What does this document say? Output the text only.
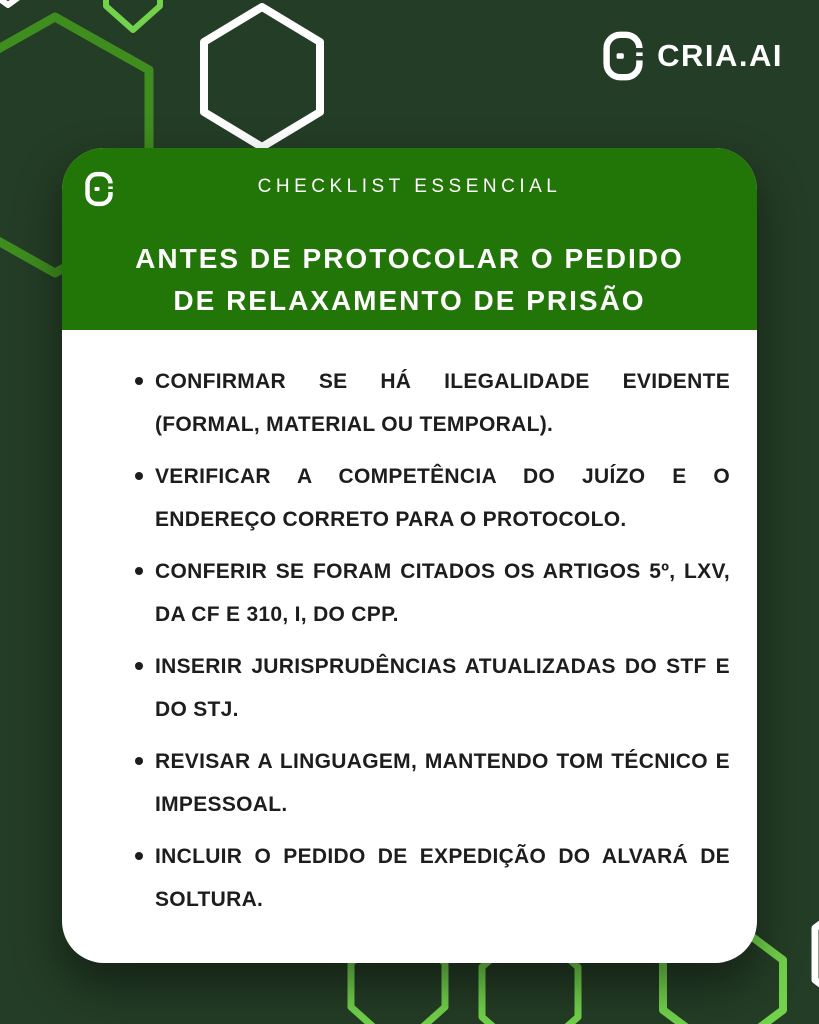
CRIA.AI
CHECKLIST ESSENCIAL
ANTES DE PROTOCOLAR O PEDIDO
DE RELAXAMENTO DE PRISÃO
CONFIRMAR SE HÁ ILEGALIDADE EVIDENTE (FORMAL, MATERIAL OU TEMPORAL).
VERIFICAR A COMPETÊNCIA DO JUÍZO E O ENDEREÇO CORRETO PARA O PROTOCOLO.
CONFERIR SE FORAM CITADOS OS ARTIGOS 5º, LXV, DA CF E 310, I, DO CPP.
INSERIR JURISPRUDÊNCIAS ATUALIZADAS DO STF E DO STJ.
REVISAR A LINGUAGEM, MANTENDO TOM TÉCNICO E IMPESSOAL.
INCLUIR O PEDIDO DE EXPEDIÇÃO DO ALVARÁ DE SOLTURA.
